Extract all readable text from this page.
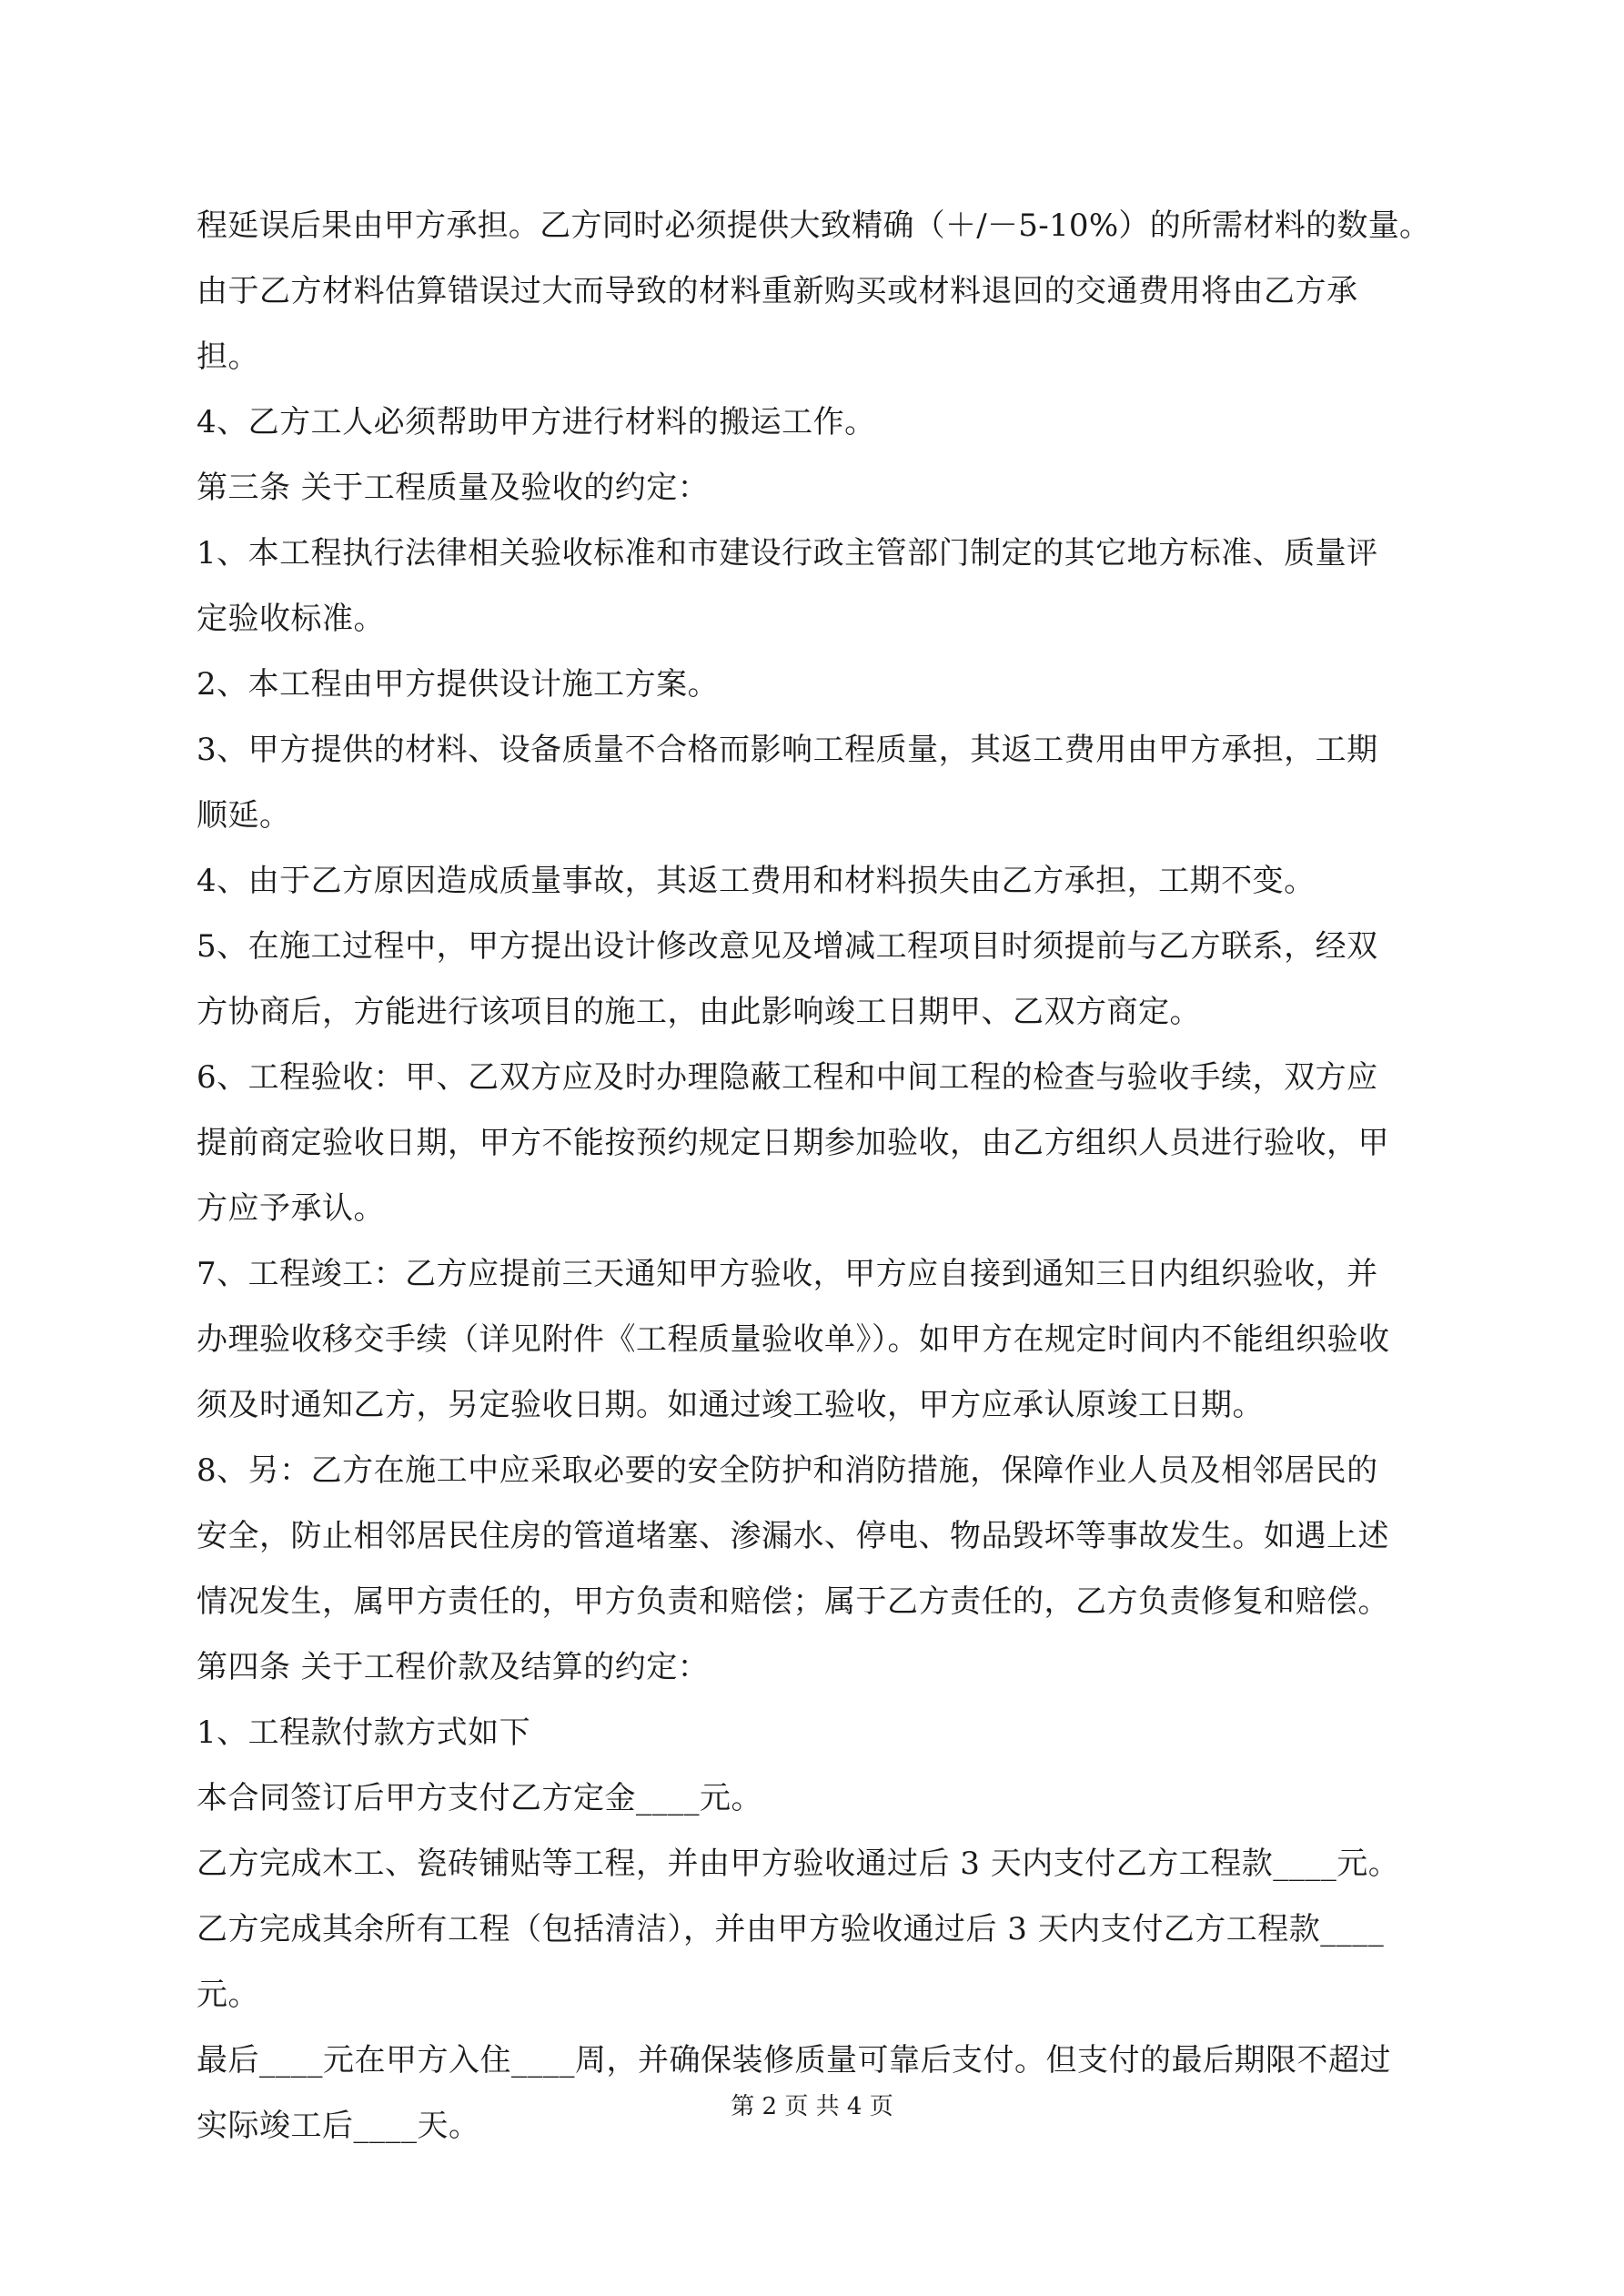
程延误后果由甲方承担。乙方同时必须提供大致精确（＋/－5-10%）的所需材料的数量。
由于乙方材料估算错误过大而导致的材料重新购买或材料退回的交通费用将由乙方承
担。
4、乙方工人必须帮助甲方进行材料的搬运工作。
第三条 关于工程质量及验收的约定：
1、本工程执行法律相关验收标准和市建设行政主管部门制定的其它地方标准、质量评
定验收标准。
2、本工程由甲方提供设计施工方案。
3、甲方提供的材料、设备质量不合格而影响工程质量，其返工费用由甲方承担，工期
顺延。
4、由于乙方原因造成质量事故，其返工费用和材料损失由乙方承担，工期不变。
5、在施工过程中，甲方提出设计修改意见及增减工程项目时须提前与乙方联系，经双
方协商后，方能进行该项目的施工，由此影响竣工日期甲、乙双方商定。
6、工程验收：甲、乙双方应及时办理隐蔽工程和中间工程的检查与验收手续，双方应
提前商定验收日期，甲方不能按预约规定日期参加验收，由乙方组织人员进行验收，甲
方应予承认。
7、工程竣工：乙方应提前三天通知甲方验收，甲方应自接到通知三日内组织验收，并
办理验收移交手续（详见附件《工程质量验收单》）。如甲方在规定时间内不能组织验收
须及时通知乙方，另定验收日期。如通过竣工验收，甲方应承认原竣工日期。
8、另：乙方在施工中应采取必要的安全防护和消防措施，保障作业人员及相邻居民的
安全，防止相邻居民住房的管道堵塞、渗漏水、停电、物品毁坏等事故发生。如遇上述
情况发生，属甲方责任的，甲方负责和赔偿；属于乙方责任的，乙方负责修复和赔偿。
第四条 关于工程价款及结算的约定：
1、工程款付款方式如下
本合同签订后甲方支付乙方定金____元。
乙方完成木工、瓷砖铺贴等工程，并由甲方验收通过后 3 天内支付乙方工程款____元。
乙方完成其余所有工程（包括清洁），并由甲方验收通过后 3 天内支付乙方工程款____
元。
最后____元在甲方入住____周，并确保装修质量可靠后支付。但支付的最后期限不超过
实际竣工后____天。
第 2 页 共 4 页
